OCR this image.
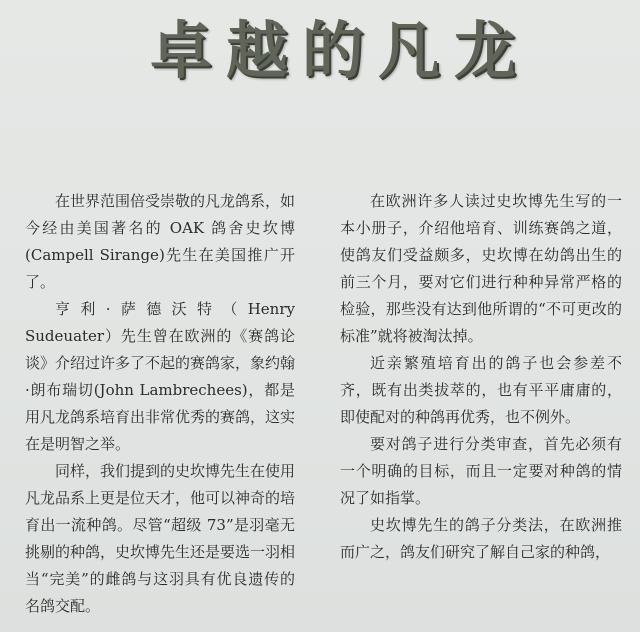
卓越的凡龙

在世界范围倍受崇敬的凡龙鸽系，如今经由美国著名的 OAK 鸽舍史坎博(Campell Sirange)先生在美国推广开了。

亨利·萨德沃特（Henry Sudeuater）先生曾在欧洲的《赛鸽论谈》介绍过许多了不起的赛鸽家，象约翰·朗布瑞切(John Lambrechees)，都是用凡龙鸽系培育出非常优秀的赛鸽，这实在是明智之举。

同样，我们提到的史坎博先生在使用凡龙品系上更是位天才，他可以神奇的培育出一流种鸽。尽管“超级 73”是羽毫无挑剔的种鸽，史坎博先生还是要选一羽相当“完美”的雌鸽与这羽具有优良遗传的名鸽交配。

在欧洲许多人读过史坎博先生写的一本小册子，介绍他培育、训练赛鸽之道，使鸽友们受益颇多，史坎博在幼鸽出生的前三个月，要对它们进行种种异常严格的检验，那些没有达到他所谓的“不可更改的标准”就将被淘汰掉。

近亲繁殖培育出的鸽子也会参差不齐，既有出类拔萃的，也有平平庸庸的，即使配对的种鸽再优秀，也不例外。

要对鸽子进行分类审查，首先必须有一个明确的目标，而且一定要对种鸽的情况了如指掌。

史坎博先生的鸽子分类法，在欧洲推而广之，鸽友们研究了解自己家的种鸽，
